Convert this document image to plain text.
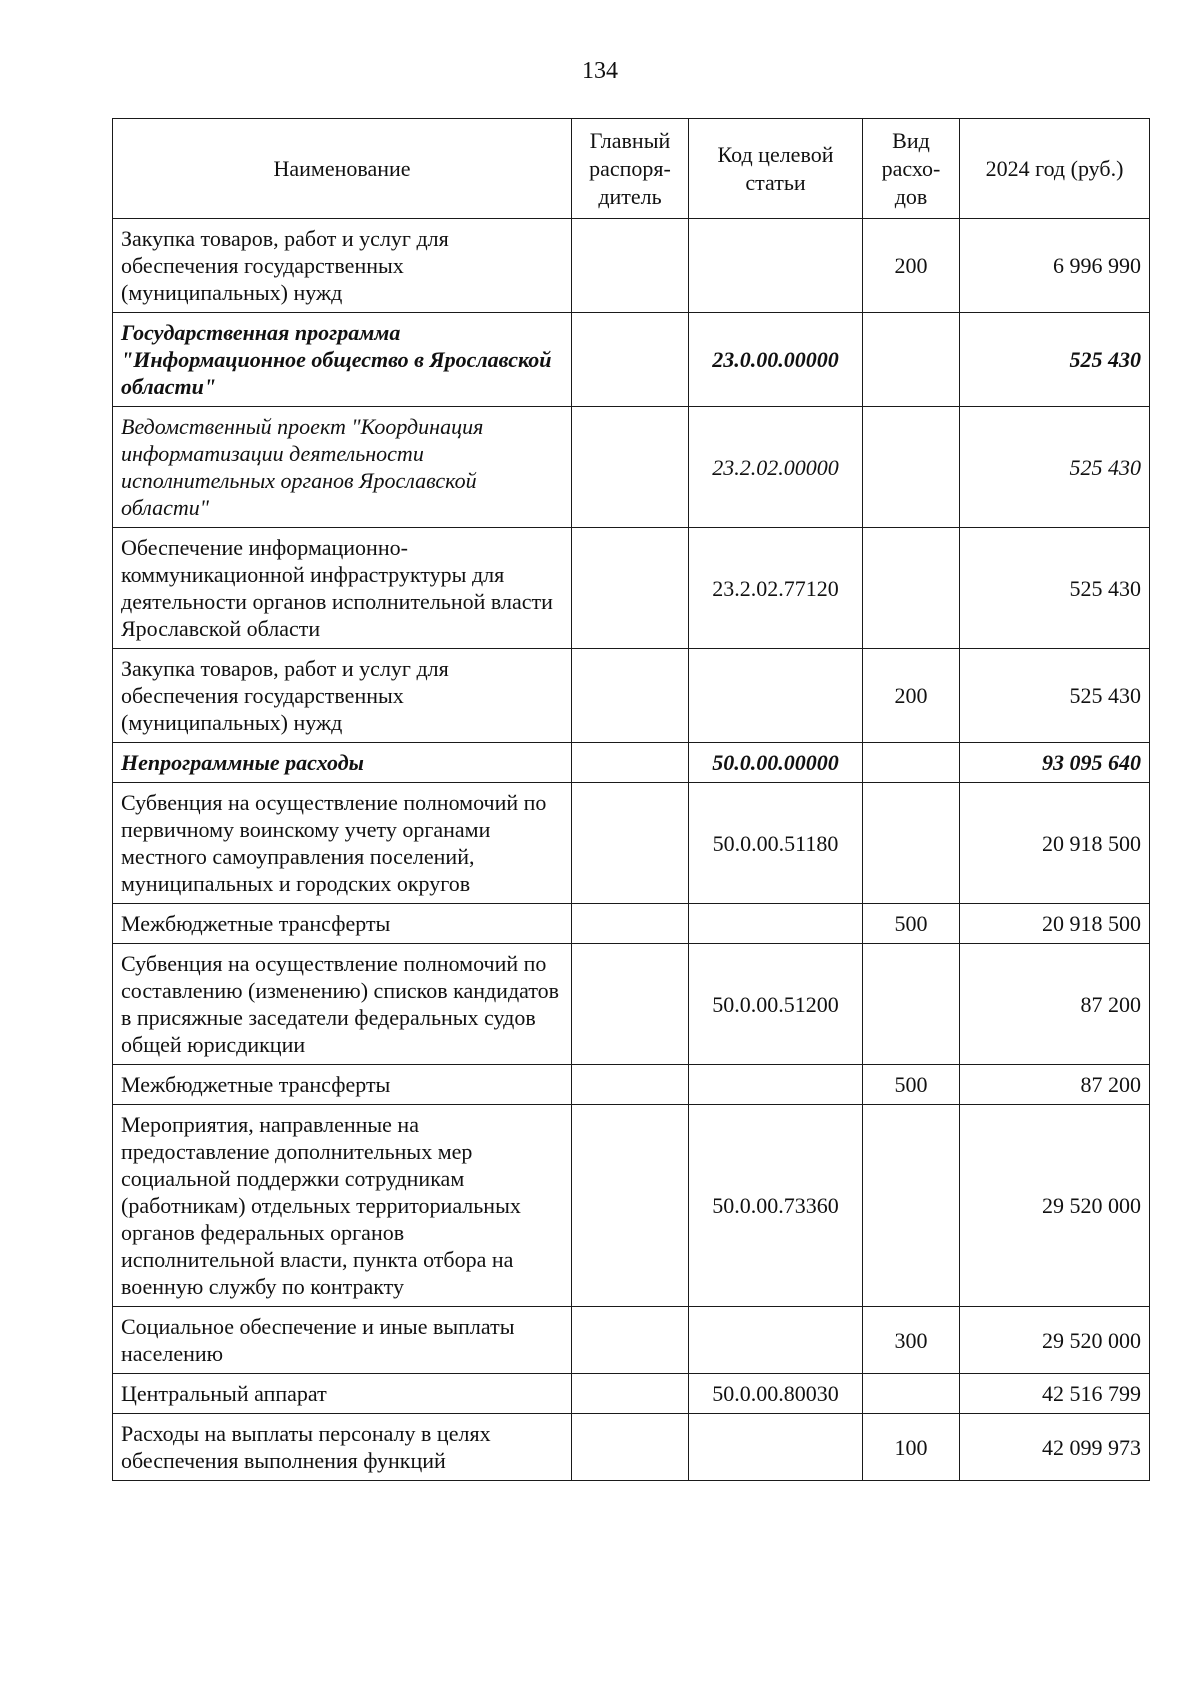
134
Наименование	Главный распоря-дитель	Код целевой статьи	Вид расхо-дов	2024 год (руб.)
Закупка товаров, работ и услуг для обеспечения государственных (муниципальных) нужд			200	6 996 990
Государственная программа "Информационное общество в Ярославской области"		23.0.00.00000		525 430
Ведомственный проект "Координация информатизации деятельности исполнительных органов Ярославской области"		23.2.02.00000		525 430
Обеспечение информационно-коммуникационной инфраструктуры для деятельности органов исполнительной власти Ярославской области		23.2.02.77120		525 430
Закупка товаров, работ и услуг для обеспечения государственных (муниципальных) нужд			200	525 430
Непрограммные расходы		50.0.00.00000		93 095 640
Субвенция на осуществление полномочий по первичному воинскому учету органами местного самоуправления поселений, муниципальных и городских округов		50.0.00.51180		20 918 500
Межбюджетные трансферты			500	20 918 500
Субвенция на осуществление полномочий по составлению (изменению) списков кандидатов в присяжные заседатели федеральных судов общей юрисдикции		50.0.00.51200		87 200
Межбюджетные трансферты			500	87 200
Мероприятия, направленные на предоставление дополнительных мер социальной поддержки сотрудникам (работникам) отдельных территориальных органов федеральных органов исполнительной власти, пункта отбора на военную службу по контракту		50.0.00.73360		29 520 000
Социальное обеспечение и иные выплаты населению			300	29 520 000
Центральный аппарат		50.0.00.80030		42 516 799
Расходы на выплаты персоналу в целях обеспечения выполнения функций			100	42 099 973
